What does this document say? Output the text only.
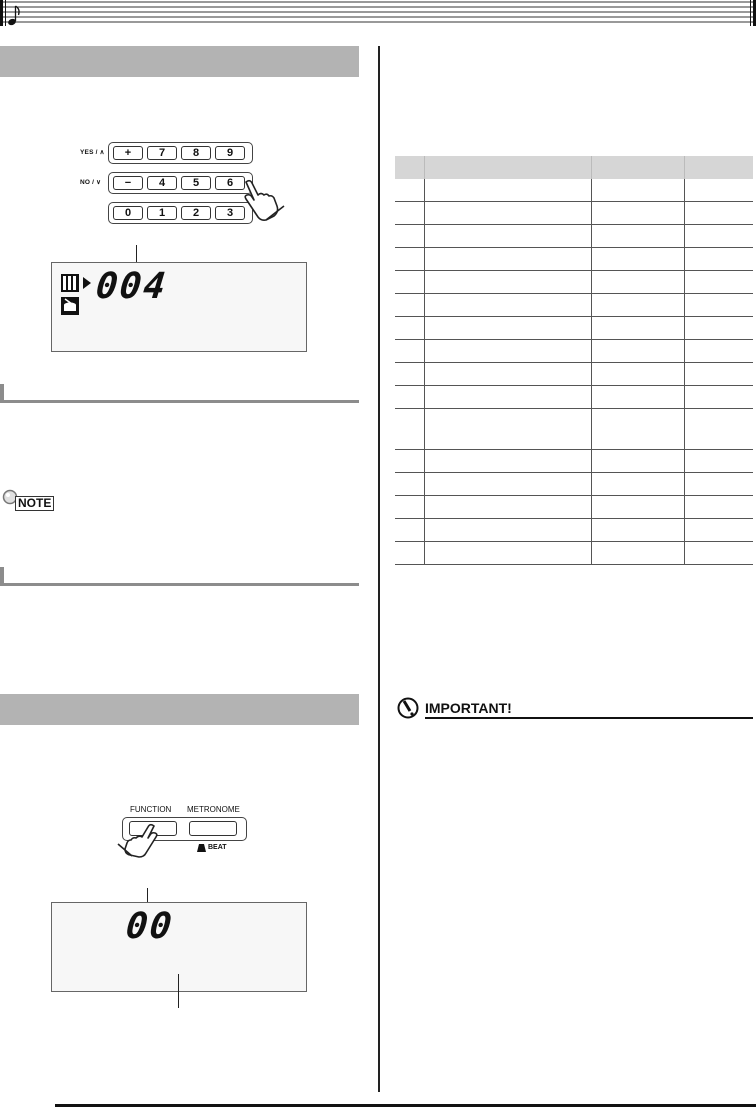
YES / ∧
NO / ∨
+	7	8	9
−	4	5	6
0	1	2	3
004
NOTE
FUNCTION METRONOME
BEAT
00

IMPORTANT!
